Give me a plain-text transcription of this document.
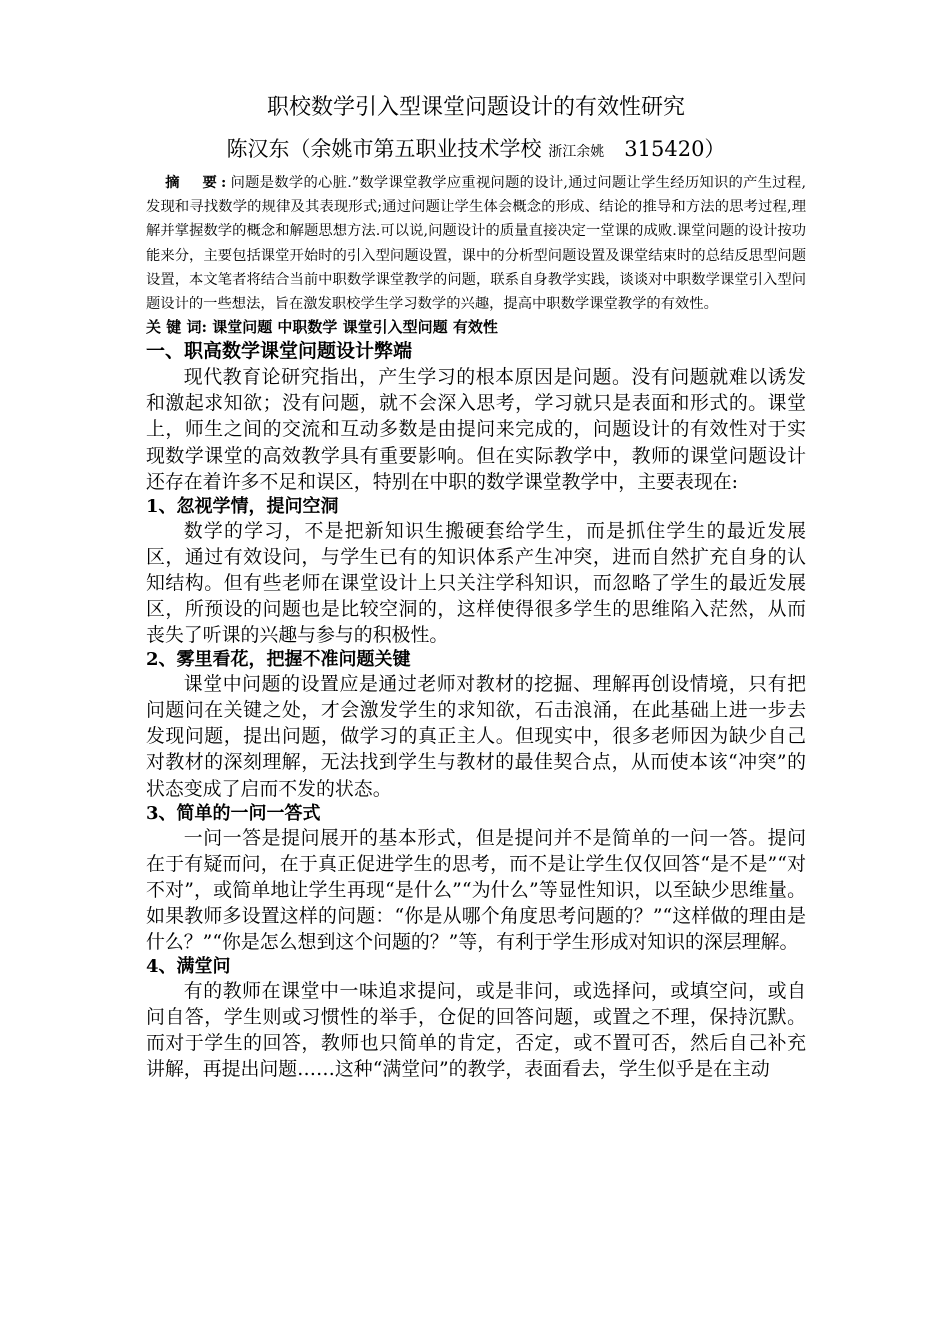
职校数学引入型课堂问题设计的有效性研究
陈汉东（余姚市第五职业技术学校 浙江余姚 315420）

摘　要:问题是数学的心脏.”数学课堂教学应重视问题的设计,通过问题让学生经历知识的产生过程,发现和寻找数学的规律及其表现形式;通过问题让学生体会概念的形成、结论的推导和方法的思考过程,理解并掌握数学的概念和解题思想方法.可以说,问题设计的质量直接决定一堂课的成败.课堂问题的设计按功能来分，主要包括课堂开始时的引入型问题设置，课中的分析型问题设置及课堂结束时的总结反思型问题设置，本文笔者将结合当前中职数学课堂教学的问题，联系自身教学实践，谈谈对中职数学课堂引入型问题设计的一些想法，旨在激发职校学生学习数学的兴趣，提高中职数学课堂教学的有效性。

关 键 词: 课堂问题 中职数学 课堂引入型问题 有效性

一、职高数学课堂问题设计弊端

现代教育论研究指出，产生学习的根本原因是问题。没有问题就难以诱发和激起求知欲；没有问题，就不会深入思考，学习就只是表面和形式的。课堂上，师生之间的交流和互动多数是由提问来完成的，问题设计的有效性对于实现数学课堂的高效教学具有重要影响。但在实际教学中，教师的课堂问题设计还存在着许多不足和误区，特别在中职的数学课堂教学中，主要表现在:

1、忽视学情，提问空洞

数学的学习，不是把新知识生搬硬套给学生，而是抓住学生的最近发展区，通过有效设问，与学生已有的知识体系产生冲突，进而自然扩充自身的认知结构。但有些老师在课堂设计上只关注学科知识，而忽略了学生的最近发展区，所预设的问题也是比较空洞的，这样使得很多学生的思维陷入茫然，从而丧失了听课的兴趣与参与的积极性。

2、雾里看花，把握不准问题关键

课堂中问题的设置应是通过老师对教材的挖掘、理解再创设情境，只有把问题问在关键之处，才会激发学生的求知欲，石击浪涌，在此基础上进一步去发现问题，提出问题，做学习的真正主人。但现实中，很多老师因为缺少自己对教材的深刻理解，无法找到学生与教材的最佳契合点，从而使本该“冲突”的状态变成了启而不发的状态。

3、简单的一问一答式

一问一答是提问展开的基本形式，但是提问并不是简单的一问一答。提问在于有疑而问，在于真正促进学生的思考，而不是让学生仅仅回答“是不是”“对不对”，或简单地让学生再现“是什么”“为什么”等显性知识，以至缺少思维量。如果教师多设置这样的问题：“你是从哪个角度思考问题的？”“这样做的理由是什么？”“你是怎么想到这个问题的？”等，有利于学生形成对知识的深层理解。

4、满堂问

有的教师在课堂中一味追求提问，或是非问，或选择问，或填空问，或自问自答，学生则或习惯性的举手，仓促的回答问题，或置之不理，保持沉默。而对于学生的回答，教师也只简单的肯定，否定，或不置可否，然后自己补充讲解，再提出问题……这种“满堂问”的教学，表面看去，学生似乎是在主动
